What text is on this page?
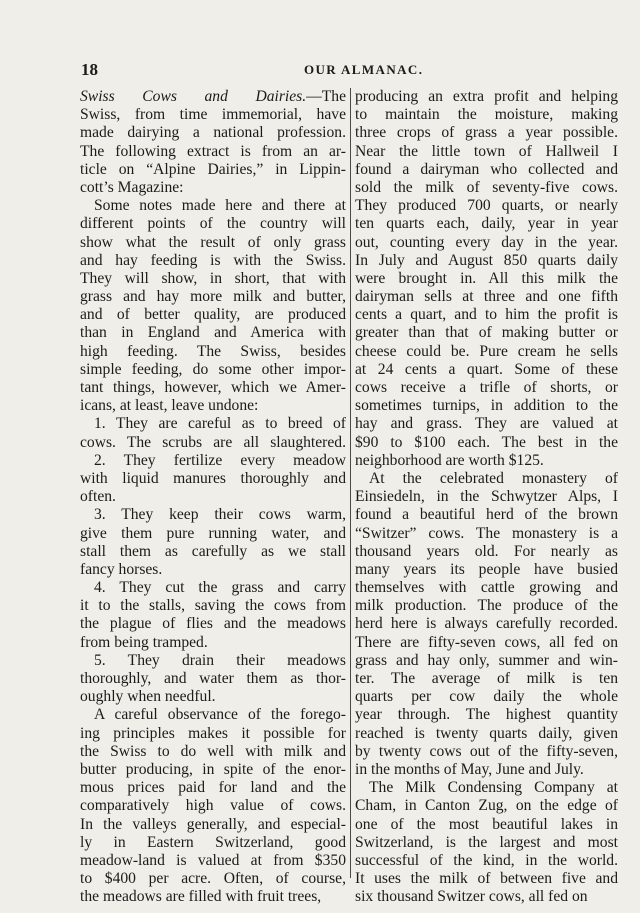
18	OUR ALMANAC.
Swiss Cows and Dairies.—The
Swiss, from time immemorial, have
made dairying a national profession.
The following extract is from an ar-
ticle on “Alpine Dairies,” in Lippin-
cott’s Magazine:
Some notes made here and there at
different points of the country will
show what the result of only grass
and hay feeding is with the Swiss.
They will show, in short, that with
grass and hay more milk and butter,
and of better quality, are produced
than in England and America with
high feeding. The Swiss, besides
simple feeding, do some other impor-
tant things, however, which we Amer-
icans, at least, leave undone:
1. They are careful as to breed of
cows. The scrubs are all slaughtered.
2. They fertilize every meadow
with liquid manures thoroughly and
often.
3. They keep their cows warm,
give them pure running water, and
stall them as carefully as we stall
fancy horses.
4. They cut the grass and carry
it to the stalls, saving the cows from
the plague of flies and the meadows
from being tramped.
5. They drain their meadows
thoroughly, and water them as thor-
oughly when needful.
A careful observance of the forego-
ing principles makes it possible for
the Swiss to do well with milk and
butter producing, in spite of the enor-
mous prices paid for land and the
comparatively high value of cows.
In the valleys generally, and especial-
ly in Eastern Switzerland, good
meadow-land is valued at from $350
to $400 per acre. Often, of course,
the meadows are filled with fruit trees,
producing an extra profit and helping
to maintain the moisture, making
three crops of grass a year possible.
Near the little town of Hallweil I
found a dairyman who collected and
sold the milk of seventy-five cows.
They produced 700 quarts, or nearly
ten quarts each, daily, year in year
out, counting every day in the year.
In July and August 850 quarts daily
were brought in. All this milk the
dairyman sells at three and one fifth
cents a quart, and to him the profit is
greater than that of making butter or
cheese could be. Pure cream he sells
at 24 cents a quart. Some of these
cows receive a trifle of shorts, or
sometimes turnips, in addition to the
hay and grass. They are valued at
$90 to $100 each. The best in the
neighborhood are worth $125.
At the celebrated monastery of
Einsiedeln, in the Schwytzer Alps, I
found a beautiful herd of the brown
“Switzer” cows. The monastery is a
thousand years old. For nearly as
many years its people have busied
themselves with cattle growing and
milk production. The produce of the
herd here is always carefully recorded.
There are fifty-seven cows, all fed on
grass and hay only, summer and win-
ter. The average of milk is ten
quarts per cow daily the whole
year through. The highest quantity
reached is twenty quarts daily, given
by twenty cows out of the fifty-seven,
in the months of May, June and July.
The Milk Condensing Company at
Cham, in Canton Zug, on the edge of
one of the most beautiful lakes in
Switzerland, is the largest and most
successful of the kind, in the world.
It uses the milk of between five and
six thousand Switzer cows, all fed on
